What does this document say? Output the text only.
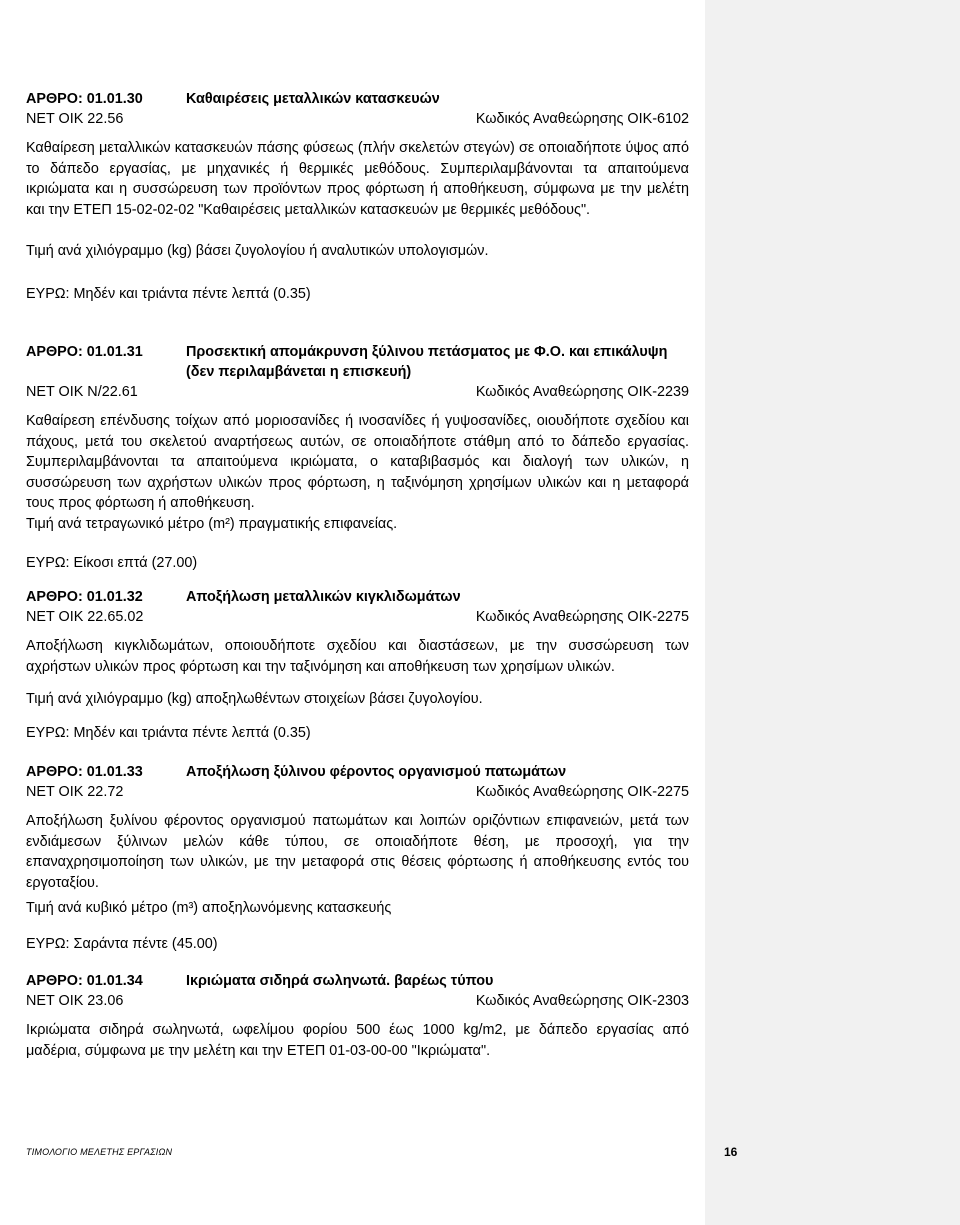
ΑΡΘΡΟ: 01.01.30	Καθαιρέσεις μεταλλικών κατασκευών
ΝΕΤ ΟΙΚ 22.56	Κωδικός Αναθεώρησης ΟΙΚ-6102

Καθαίρεση μεταλλικών κατασκευών πάσης φύσεως (πλήν σκελετών στεγών) σε οποιαδήποτε ύψος από το δάπεδο εργασίας, με μηχανικές ή θερμικές μεθόδους. Συμπεριλαμβάνονται τα απαιτούμενα ικριώματα και η συσσώρευση των προϊόντων προς φόρτωση ή αποθήκευση, σύμφωνα με την μελέτη και την ΕΤΕΠ 15-02-02-02 "Καθαιρέσεις μεταλλικών κατασκευών με θερμικές μεθόδους".

Τιμή ανά χιλιόγραμμο (kg) βάσει ζυγολογίου ή αναλυτικών υπολογισμών.

ΕΥΡΩ: Μηδέν και τριάντα πέντε λεπτά (0.35)

ΑΡΘΡΟ: 01.01.31	Προσεκτική απομάκρυνση ξύλινου πετάσματος με Φ.Ο. και επικάλυψη (δεν περιλαμβάνεται η επισκευή)
ΝΕΤ ΟΙΚ Ν/22.61	Κωδικός Αναθεώρησης ΟΙΚ-2239

Καθαίρεση επένδυσης τοίχων από μοριοσανίδες ή ινοσανίδες ή γυψοσανίδες, οιουδήποτε σχεδίου και πάχους, μετά του σκελετού αναρτήσεως αυτών, σε οποιαδήποτε στάθμη από το δάπεδο εργασίας. Συμπεριλαμβάνονται τα απαιτούμενα ικριώματα, ο καταβιβασμός και διαλογή των υλικών, η συσσώρευση των αχρήστων υλικών προς φόρτωση, η ταξινόμηση χρησίμων υλικών και η μεταφορά τους προς φόρτωση ή αποθήκευση.

Τιμή ανά τετραγωνικό μέτρο (m²) πραγματικής επιφανείας.

ΕΥΡΩ: Είκοσι επτά (27.00)

ΑΡΘΡΟ: 01.01.32	Αποξήλωση μεταλλικών κιγκλιδωμάτων
ΝΕΤ ΟΙΚ 22.65.02	Κωδικός Αναθεώρησης ΟΙΚ-2275

Αποξήλωση κιγκλιδωμάτων, οποιουδήποτε σχεδίου και διαστάσεων, με την συσσώρευση των αχρήστων υλικών προς φόρτωση και την ταξινόμηση και αποθήκευση των χρησίμων υλικών.

Τιμή ανά χιλιόγραμμο (kg) αποξηλωθέντων στοιχείων βάσει ζυγολογίου.

ΕΥΡΩ: Μηδέν και τριάντα πέντε λεπτά (0.35)

ΑΡΘΡΟ: 01.01.33	Αποξήλωση ξύλινου φέροντος οργανισμού πατωμάτων
ΝΕΤ ΟΙΚ 22.72	Κωδικός Αναθεώρησης ΟΙΚ-2275

Αποξήλωση ξυλίνου φέροντος οργανισμού πατωμάτων και λοιπών οριζόντιων επιφανειών, μετά των ενδιάμεσων ξύλινων μελών κάθε τύπου, σε οποιαδήποτε θέση, με προσοχή, για την επαναχρησιμοποίηση των υλικών, με την μεταφορά στις θέσεις φόρτωσης ή αποθήκευσης εντός του εργοταξίου.

Τιμή ανά κυβικό μέτρο (m³) αποξηλωνόμενης κατασκευής

ΕΥΡΩ: Σαράντα πέντε (45.00)

ΑΡΘΡΟ: 01.01.34	Ικριώματα σιδηρά σωληνωτά. βαρέως τύπου
ΝΕΤ ΟΙΚ 23.06	Κωδικός Αναθεώρησης ΟΙΚ-2303

Ικριώματα σιδηρά σωληνωτά, ωφελίμου φορίου 500 έως 1000 kg/m2, με δάπεδο εργασίας από μαδέρια, σύμφωνα με την μελέτη και την ΕΤΕΠ 01-03-00-00 "Ικριώματα".

ΤΙΜΟΛΟΓΙΟ ΜΕΛΕΤΗΣ ΕΡΓΑΣΙΩΝ	16
